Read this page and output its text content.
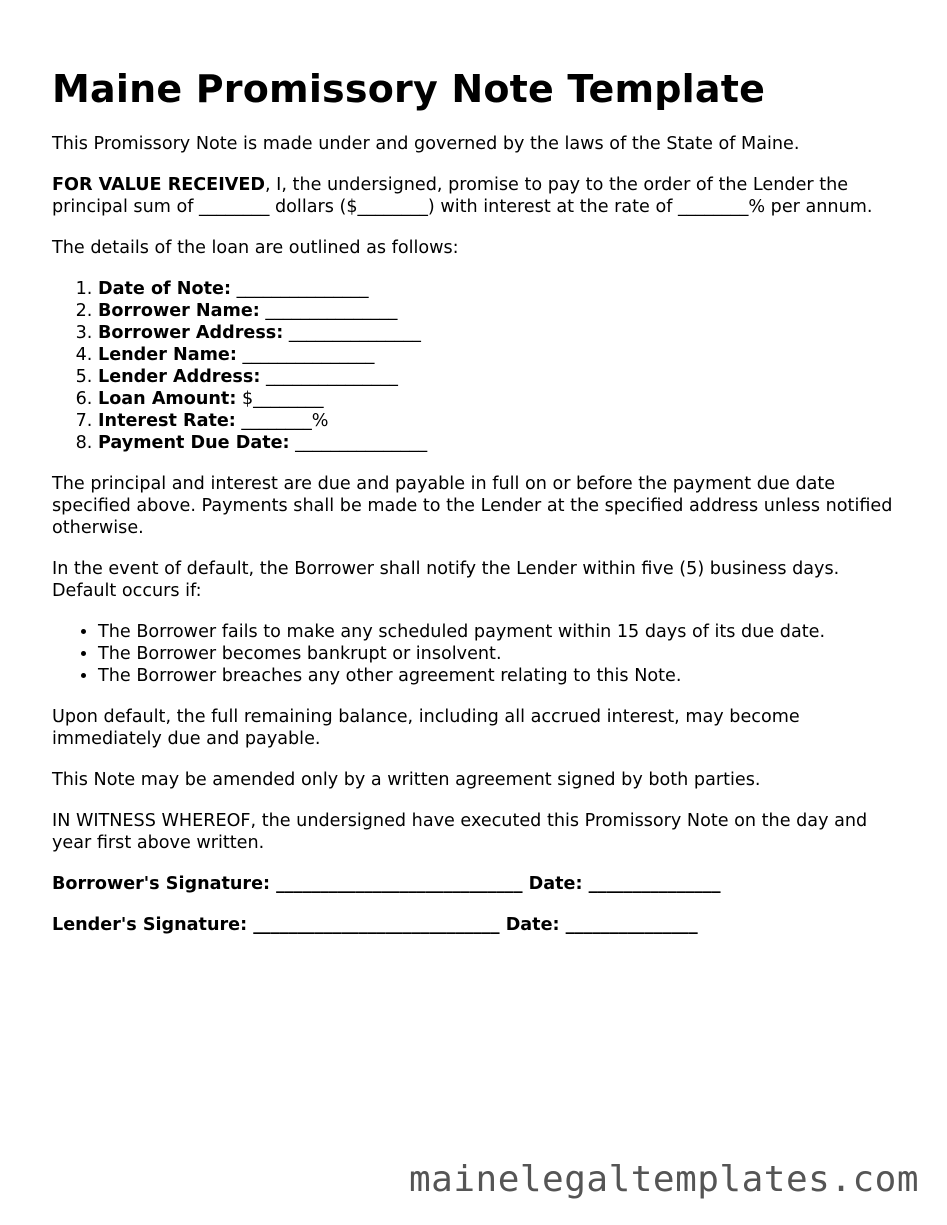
Maine Promissory Note Template

This Promissory Note is made under and governed by the laws of the State of Maine.

FOR VALUE RECEIVED, I, the undersigned, promise to pay to the order of the Lender the principal sum of ________ dollars ($________) with interest at the rate of ________% per annum.

The details of the loan are outlined as follows:

1. Date of Note: _______________
2. Borrower Name: _______________
3. Borrower Address: _______________
4. Lender Name: _______________
5. Lender Address: _______________
6. Loan Amount: $________
7. Interest Rate: ________%
8. Payment Due Date: _______________

The principal and interest are due and payable in full on or before the payment due date specified above. Payments shall be made to the Lender at the specified address unless notified otherwise.

In the event of default, the Borrower shall notify the Lender within five (5) business days. Default occurs if:

• The Borrower fails to make any scheduled payment within 15 days of its due date.
• The Borrower becomes bankrupt or insolvent.
• The Borrower breaches any other agreement relating to this Note.

Upon default, the full remaining balance, including all accrued interest, may become immediately due and payable.

This Note may be amended only by a written agreement signed by both parties.

IN WITNESS WHEREOF, the undersigned have executed this Promissory Note on the day and year first above written.

Borrower's Signature: ____________________________ Date: _______________
Lender's Signature: ____________________________ Date: _______________
mainelegaltemplates.com
